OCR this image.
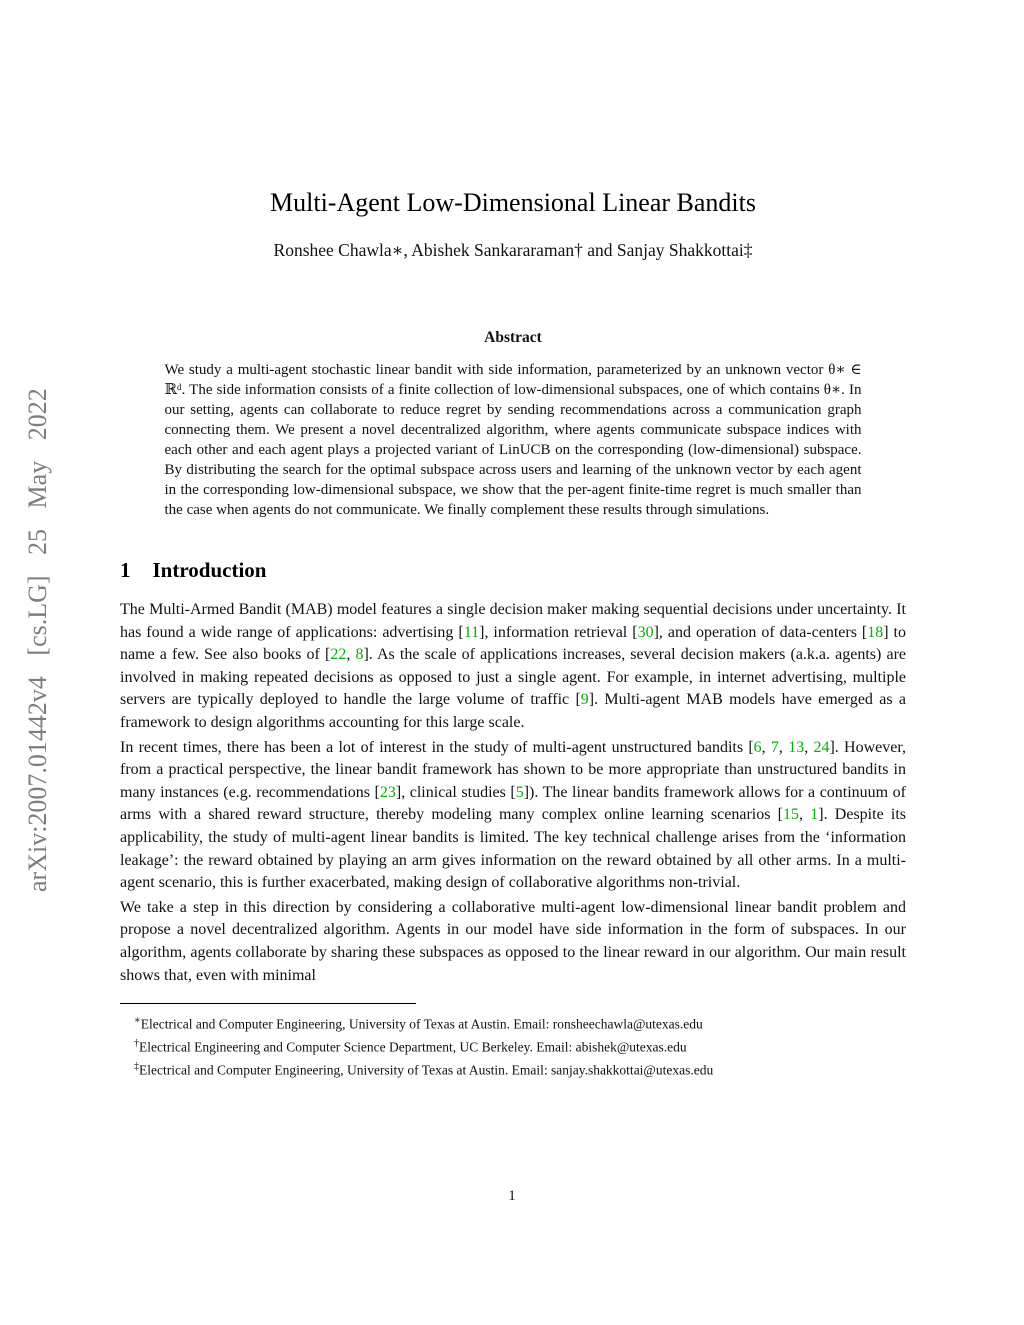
arXiv:2007.01442v4 [cs.LG] 25 May 2022
Multi-Agent Low-Dimensional Linear Bandits
Ronshee Chawla∗, Abishek Sankararaman† and Sanjay Shakkottai‡
Abstract

We study a multi-agent stochastic linear bandit with side information, parameterized by an unknown vector θ∗ ∈ ℝᵈ. The side information consists of a finite collection of low-dimensional subspaces, one of which contains θ∗. In our setting, agents can collaborate to reduce regret by sending recommendations across a communication graph connecting them. We present a novel decentralized algorithm, where agents communicate subspace indices with each other and each agent plays a projected variant of LinUCB on the corresponding (low-dimensional) subspace. By distributing the search for the optimal subspace across users and learning of the unknown vector by each agent in the corresponding low-dimensional subspace, we show that the per-agent finite-time regret is much smaller than the case when agents do not communicate. We finally complement these results through simulations.

1 Introduction

The Multi-Armed Bandit (MAB) model features a single decision maker making sequential decisions under uncertainty. It has found a wide range of applications: advertising [11], information retrieval [30], and operation of data-centers [18] to name a few. See also books of [22, 8]. As the scale of applications increases, several decision makers (a.k.a. agents) are involved in making repeated decisions as opposed to just a single agent. For example, in internet advertising, multiple servers are typically deployed to handle the large volume of traffic [9]. Multi-agent MAB models have emerged as a framework to design algorithms accounting for this large scale.

In recent times, there has been a lot of interest in the study of multi-agent unstructured bandits [6, 7, 13, 24]. However, from a practical perspective, the linear bandit framework has shown to be more appropriate than unstructured bandits in many instances (e.g. recommendations [23], clinical studies [5]). The linear bandits framework allows for a continuum of arms with a shared reward structure, thereby modeling many complex online learning scenarios [15, 1]. Despite its applicability, the study of multi-agent linear bandits is limited. The key technical challenge arises from the ‘information leakage’: the reward obtained by playing an arm gives information on the reward obtained by all other arms. In a multi-agent scenario, this is further exacerbated, making design of collaborative algorithms non-trivial.

We take a step in this direction by considering a collaborative multi-agent low-dimensional linear bandit problem and propose a novel decentralized algorithm. Agents in our model have side information in the form of subspaces. In our algorithm, agents collaborate by sharing these subspaces as opposed to the linear reward in our algorithm. Our main result shows that, even with minimal

∗Electrical and Computer Engineering, University of Texas at Austin. Email: ronsheechawla@utexas.edu
†Electrical Engineering and Computer Science Department, UC Berkeley. Email: abishek@utexas.edu
‡Electrical and Computer Engineering, University of Texas at Austin. Email: sanjay.shakkottai@utexas.edu
1
